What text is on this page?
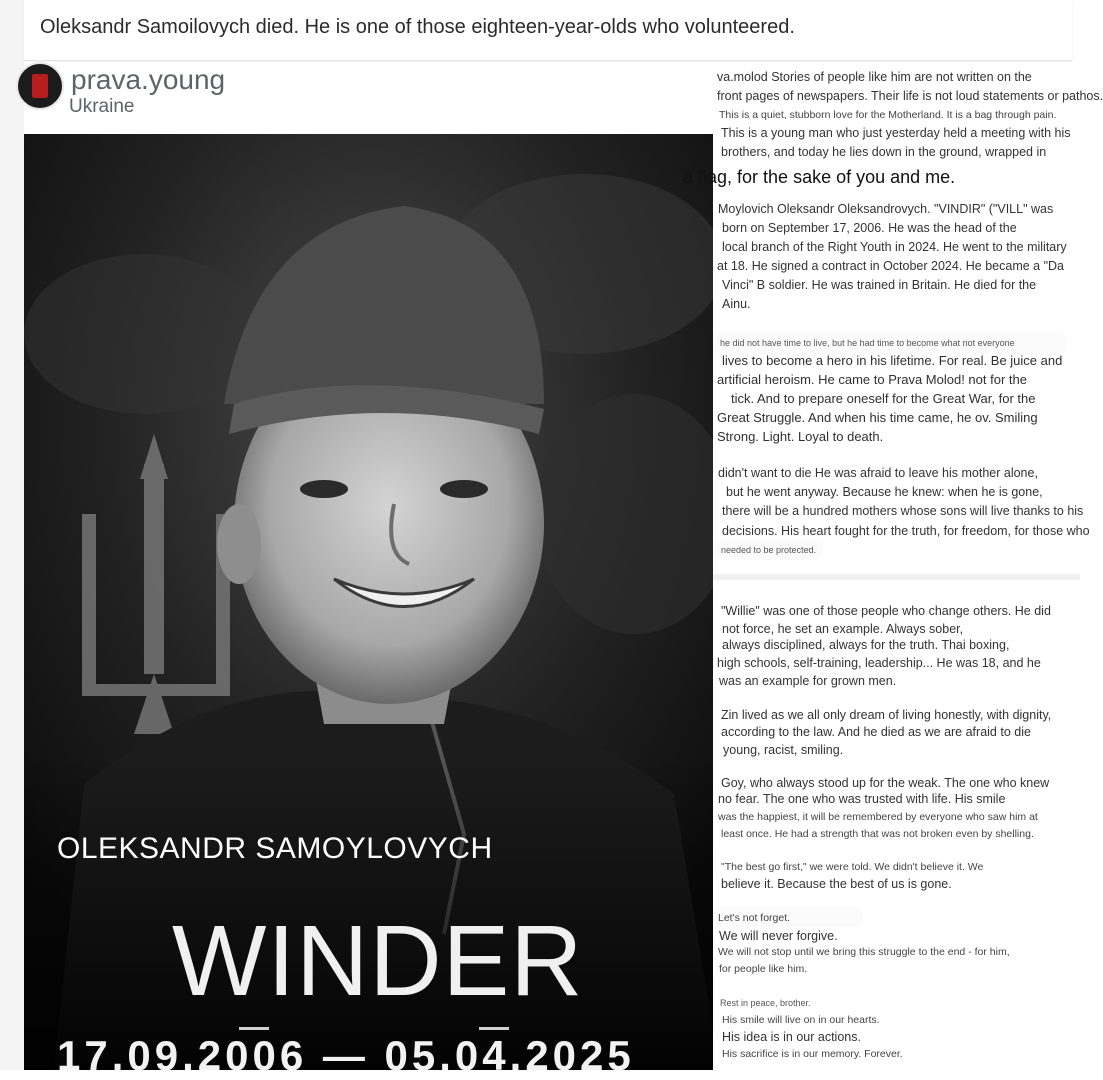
Oleksandr Samoilovych died. He is one of those eighteen-year-olds who volunteered.
prava.young
Ukraine
OLEKSANDR SAMOYLOVYCH
WINDER
17.09.2006 — 05.04.2025
va.molod Stories of people like him are not written on the
front pages of newspapers. Their life is not loud statements or pathos.
This is a quiet, stubborn love for the Motherland. It is a bag through pain.
This is a young man who just yesterday held a meeting with his
brothers, and today he lies down in the ground, wrapped in
a flag, for the sake of you and me.
Moylovich Oleksandr Oleksandrovych. "VINDIR" ("VILL" was
born on September 17, 2006. He was the head of the
local branch of the Right Youth in 2024. He went to the military
at 18. He signed a contract in October 2024. He became a "Da
Vinci" B soldier. He was trained in Britain. He died for the
Ainu.
he did not have time to live, but he had time to become what not everyone
lives to become a hero in his lifetime. For real. Be juice and
artificial heroism. He came to Prava Molod! not for the
tick. And to prepare oneself for the Great War, for the
Great Struggle. And when his time came, he ov. Smiling
Strong. Light. Loyal to death.
didn't want to die He was afraid to leave his mother alone,
but he went anyway. Because he knew: when he is gone,
there will be a hundred mothers whose sons will live thanks to his
decisions. His heart fought for the truth, for freedom, for those who
needed to be protected.
"Willie" was one of those people who change others. He did
not force, he set an example. Always sober,
always disciplined, always for the truth. Thai boxing,
high schools, self-training, leadership... He was 18, and he
was an example for grown men.
Zin lived as we all only dream of living honestly, with dignity,
according to the law. And he died as we are afraid to die
young, racist, smiling.
Goy, who always stood up for the weak. The one who knew
no fear. The one who was trusted with life. His smile
was the happiest, it will be remembered by everyone who saw him at
least once. He had a strength that was not broken even by shelling.
"The best go first," we were told. We didn't believe it. We
believe it. Because the best of us is gone.
Let's not forget.
We will never forgive.
We will not stop until we bring this struggle to the end - for him,
for people like him.
Rest in peace, brother.
His smile will live on in our hearts.
His idea is in our actions.
His sacrifice is in our memory. Forever.
